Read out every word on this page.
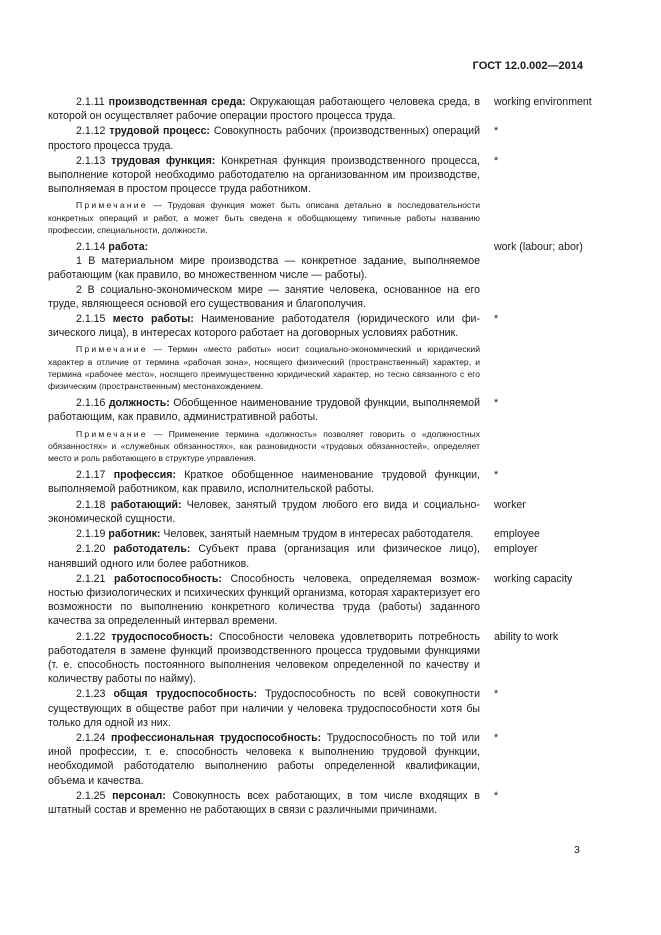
ГОСТ 12.0.002—2014

2.1.11 производственная среда: Окружающая работающего человека среда, в которой он осуществляет рабочие операции простого процесса труда.

working environment

2.1.12 трудовой процесс: Совокупность рабочих (производственных) операций простого процесса труда.

*

2.1.13 трудовая функция: Конкретная функция производственного процесса, выполнение которой необходимо работодателю на организованном им производстве, выполняемая в простом процессе труда работником.

*
Примечание — Трудовая функция может быть описана детально в последовательности конкретных операций и работ, а может быть сведена к обобщающему типичные работы названию профессии, специальности, должности.

2.1.14 работа:

1 В материальном мире производства — конкретное задание, выполняемое работающим (как правило, во множественном числе — работы).

2 В социально-экономическом мире — занятие человека, основанное на его труде, являющееся основой его существования и благополучия.

work (labour; abor)

2.1.15 место работы: Наименование работодателя (юридического или физического лица), в интересах которого работает на договорных условиях работник.

*
Примечание — Термин «место работы» носит социально-экономический и юридический характер в отличие от термина «рабочая зона», носящего физический (пространственный) характер, и термина «рабочее место», носящего преимущественно юридический характер, но тесно связанного с его физическим (пространственным) местонахождением.

2.1.16 должность: Обобщенное наименование трудовой функции, выполняемой работающим, как правило, административной работы.

*
Примечание — Применение термина «должность» позволяет говорить о «должностных обязанностях» и «служебных обязанностях», как разновидности «трудовых обязанностей», определяет место и роль работающего в структуре управления.

2.1.17 профессия: Краткое обобщенное наименование трудовой функции, выполняемой работником, как правило, исполнительской работы.

*

2.1.18 работающий: Человек, занятый трудом любого его вида и социальноэкономической сущности.

worker

2.1.19 работник: Человек, занятый наемным трудом в интересах работодателя.	employee

2.1.20 работодатель: Субъект права (организация или физическое лицо), нанявший одного или более работников.

employer

2.1.21 работоспособность: Способность человека, определяемая возможностью физиологических и психических функций организма, которая характеризует его возможности по выполнению конкретного количества труда (работы) заданного качества за определенный интервал времени.

working capacity

2.1.22 трудоспособность: Способности человека удовлетворить потребность работодателя в замене функций производственного процесса трудовыми функциями (т. е. способность постоянного выполнения человеком определенной по качеству и количеству работы по найму).

ability to work

2.1.23 общая трудоспособность: Трудоспособность по всей совокупности существующих в обществе работ при наличии у человека трудоспособности хотя бы только для одной из них.

*

2.1.24 профессиональная трудоспособность: Трудоспособность по той или иной профессии, т. е. способность человека к выполнению трудовой функции, необходимой работодателю выполнению работы определенной квалификации, объема и качества.

*

2.1.25 персонал: Совокупность всех работающих, в том числе входящих в штатный состав и временно не работающих в связи с различными причинами.

*
3
